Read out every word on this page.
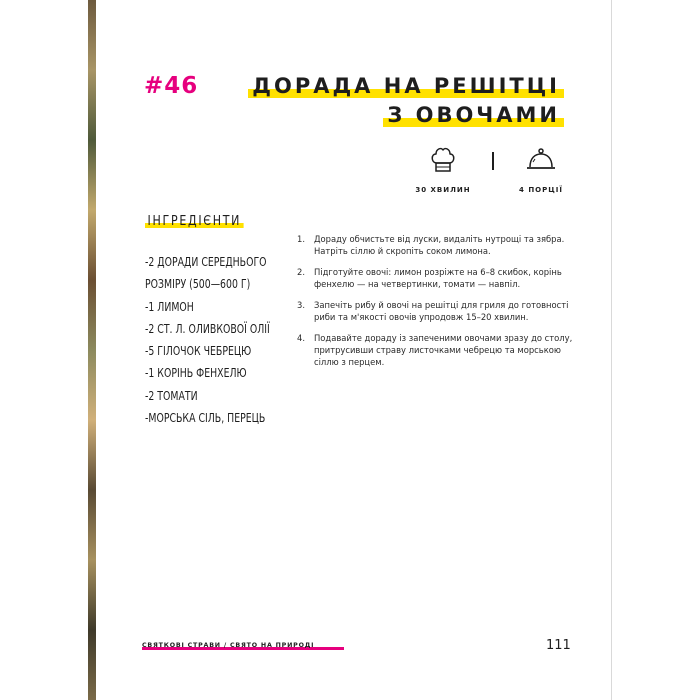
#46	ДОРАДА НА РЕШІТЦІ
З ОВОЧАМИ
30 ХВИЛИН	4 ПОРЦІЇ
ІНГРЕДІЄНТИ
-2 ДОРАДИ СЕРЕДНЬОГО
РОЗМІРУ (500—600 Г)
-1 ЛИМОН
-2 СТ. Л. ОЛИВКОВОЇ ОЛІЇ
-5 ГІЛОЧОК ЧЕБРЕЦЮ
-1 КОРІНЬ ФЕНХЕЛЮ
-2 ТОМАТИ
-МОРСЬКА СІЛЬ, ПЕРЕЦЬ
1. Дораду обчистьте від луски, видаліть нутрощі та зябра. Натріть сіллю й скропіть соком лимона.
2. Підготуйте овочі: лимон розріжте на 6–8 скибок, корінь фенхелю — на четвертинки, томати — навпіл.
3. Запечіть рибу й овочі на решітці для гриля до готовності риби та м'якості овочів упродовж 15–20 хвилин.
4. Подавайте дораду із запеченими овочами зразу до столу, притрусивши страву листочками чебрецю та морською сіллю з перцем.

СВЯТКОВІ СТРАВИ / СВЯТО НА ПРИРОДІ	111
